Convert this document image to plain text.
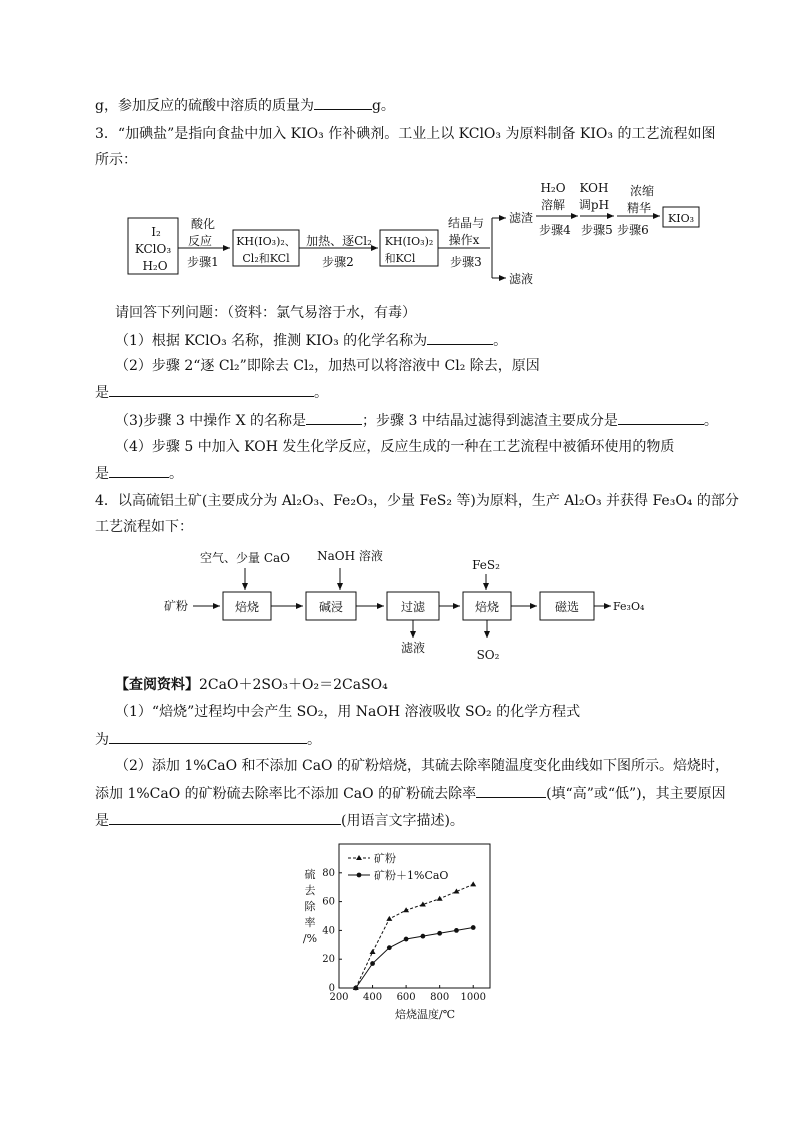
g，参加反应的硫酸中溶质的质量为	g。
3．“加碘盐”是指向食盐中加入 KIO₃ 作补碘剂。工业上以 KClO₃ 为原料制备 KIO₃ 的工艺流程如图
所示：
I₂
KClO₃
H₂O
酸化
反应
步骤1
KH(IO₃)₂、
Cl₂和KCl
加热、逐Cl₂
步骤2
KH(IO₃)₂
和KCl
结晶与
操作x
步骤3
滤渣
滤液
H₂O
溶解
步骤4
KOH
调pH
步骤5
浓缩
精华
步骤6
KIO₃
请回答下列问题：（资料：氯气易溶于水，有毒）
（1）根据 KClO₃ 名称，推测 KIO₃ 的化学名称为	。
（2）步骤 2“逐 Cl₂”即除去 Cl₂，加热可以将溶液中 Cl₂ 除去，原因
是	。
（3)步骤 3 中操作 X 的名称是	；步骤 3 中结晶过滤得到滤渣主要成分是	。
（4）步骤 5 中加入 KOH 发生化学反应，反应生成的一种在工艺流程中被循环使用的物质
是	。
4．以高硫铝土矿(主要成分为 Al₂O₃、Fe₂O₃，少量 FeS₂ 等)为原料，生产 Al₂O₃ 并获得 Fe₃O₄ 的部分
工艺流程如下：
空气、少量 CaO NaOH 溶液
FeS₂
矿粉	焙烧	碱浸	过滤
滤液
焙烧
SO₂
磁选	Fe₃O₄
【查阅资料】2CaO＋2SO₃＋O₂＝2CaSO₄
（1）“焙烧”过程均中会产生 SO₂，用 NaOH 溶液吸收 SO₂ 的化学方程式
为	。
（2）添加 1%CaO 和不添加 CaO 的矿粉焙烧，其硫去除率随温度变化曲线如下图所示。焙烧时，
添加 1%CaO 的矿粉硫去除率比不添加 CaO 的矿粉硫去除率	(填“高”或“低”)，其主要原因
是	(用语言文字描述)。
200 400 600 800 1000
0
20
40
60
80
矿粉
矿粉＋1%CaO
硫
去
除
率
/%
焙烧温度/℃
